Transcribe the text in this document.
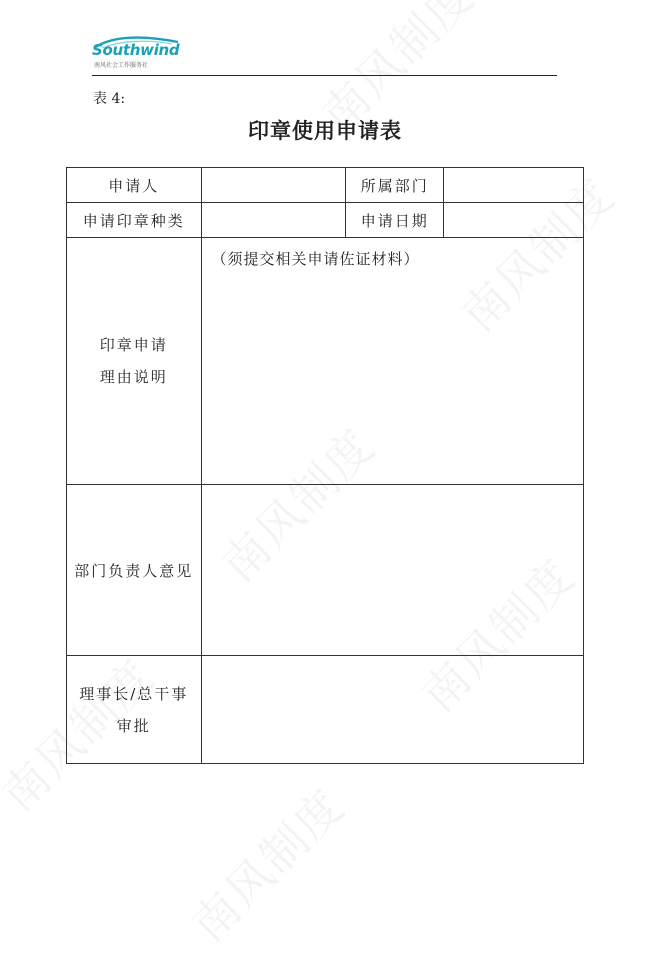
Southwind
南风社会工作服务社
表 4:
印章使用申请表
申请人		所属部门	
申请印章种类		申请日期	

印章申请
理由说明	（须提交相关申请佐证材料）		

部门负责人意见			

理事长/总干事
审批			
